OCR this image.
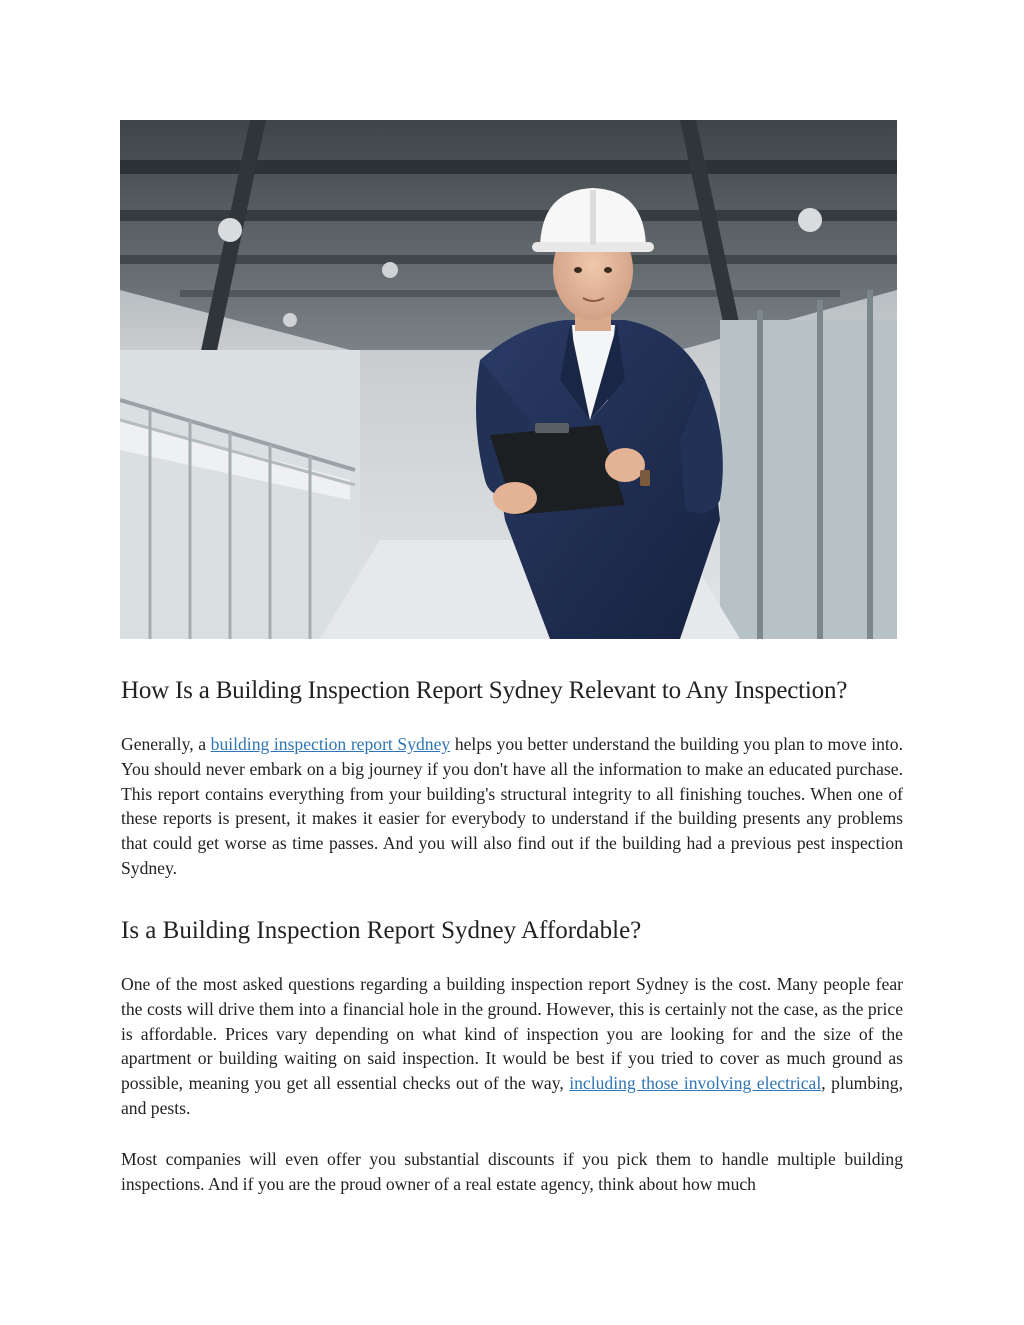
How Is a Building Inspection Report Sydney Relevant to Any Inspection?

Generally, a building inspection report Sydney helps you better understand the building you plan to move into. You should never embark on a big journey if you don't have all the information to make an educated purchase. This report contains everything from your building's structural integrity to all finishing touches. When one of these reports is present, it makes it easier for everybody to understand if the building presents any problems that could get worse as time passes. And you will also find out if the building had a previous pest inspection Sydney.

Is a Building Inspection Report Sydney Affordable?

One of the most asked questions regarding a building inspection report Sydney is the cost. Many people fear the costs will drive them into a financial hole in the ground. However, this is certainly not the case, as the price is affordable. Prices vary depending on what kind of inspection you are looking for and the size of the apartment or building waiting on said inspection. It would be best if you tried to cover as much ground as possible, meaning you get all essential checks out of the way, including those involving electrical, plumbing, and pests.

Most companies will even offer you substantial discounts if you pick them to handle multiple building inspections. And if you are the proud owner of a real estate agency, think about how much
